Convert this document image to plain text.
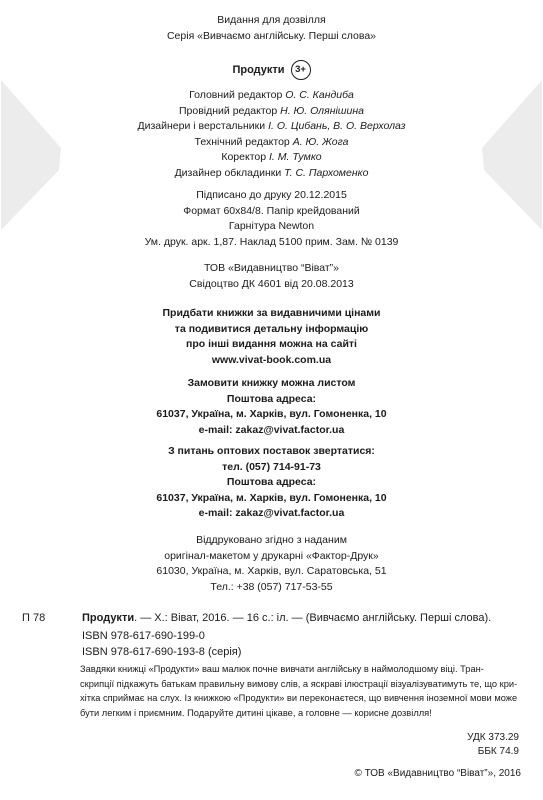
Видання для дозвілля
Серія «Вивчаємо англійську. Перші слова»
Продукти 3+
Головний редактор О. С. Кандиба
Провідний редактор Н. Ю. Олянішина
Дизайнери і верстальники І. О. Цибань, В. О. Верхолаз
Технічний редактор А. Ю. Жога
Коректор І. М. Тумко
Дизайнер обкладинки Т. С. Пархоменко
Підписано до друку 20.12.2015
Формат 60x84/8. Папір крейдований
Гарнітура Newton
Ум. друк. арк. 1,87. Наклад 5100 прим. Зам. № 0139
ТОВ «Видавництво “Віват”»
Свідоцтво ДК 4601 від 20.08.2013
Придбати книжки за видавничими цінами
та подивитися детальну інформацію
про інші видання можна на сайті
www.vivat-book.com.ua
Замовити книжку можна листом
Поштова адреса:
61037, Україна, м. Харків, вул. Гомоненка, 10
e-mail: zakaz@vivat.factor.ua
З питань оптових поставок звертатися:
тел. (057) 714-91-73
Поштова адреса:
61037, Україна, м. Харків, вул. Гомоненка, 10
e-mail: zakaz@vivat.factor.ua
Віддруковано згідно з наданим
оригінал-макетом у друкарні «Фактор-Друк»
61030, Україна, м. Харків, вул. Саратовська, 51
Тел.: +38 (057) 717-53-55
П 78	Продукти. — Х.: Віват, 2016. — 16 с.: іл. — (Вивчаємо англійську. Перші слова).
ISBN 978-617-690-199-0
ISBN 978-617-690-193-8 (серія)
Завдяки книжці «Продукти» ваш малюк почне вивчати англійську в наймолодшому віці. Тран-
скрипції підкажуть батькам правильну вимову слів, а яскраві ілюстрації візуалізуватимуть те, що кри-
хітка сприймає на слух. Із книжкою «Продукти» ви переконаєтеся, що вивчення іноземної мови може
бути легким і приємним. Подаруйте дитині цікаве, а головне — корисне дозвілля!
УДК 373.29
ББК 74.9
© ТОВ «Видавництво “Віват”», 2016
